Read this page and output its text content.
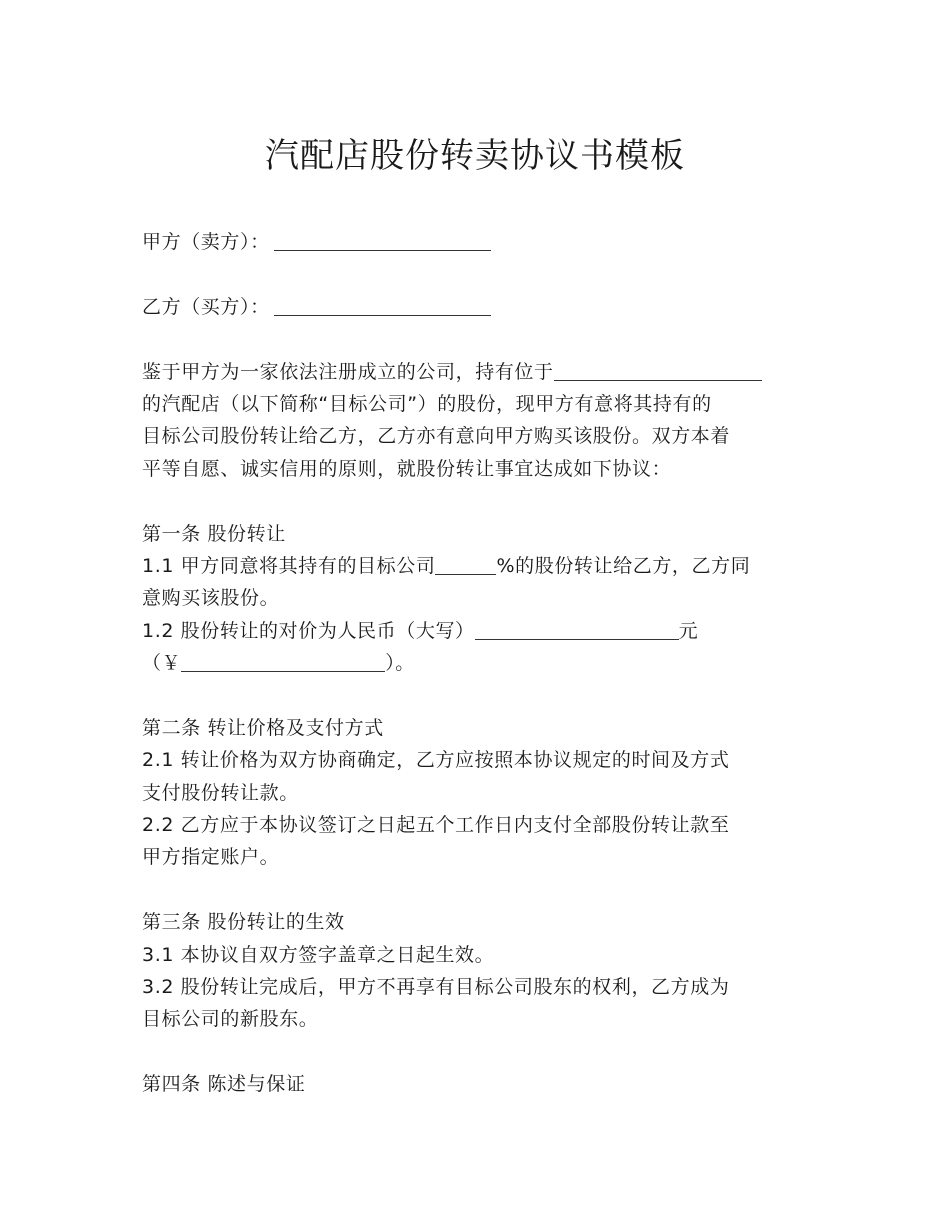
汽配店股份转卖协议书模板
甲方（卖方）：
乙方（买方）：
鉴于甲方为一家依法注册成立的公司，持有位于
的汽配店（以下简称“目标公司”）的股份，现甲方有意将其持有的
目标公司股份转让给乙方，乙方亦有意向甲方购买该股份。双方本着
平等自愿、诚实信用的原则，就股份转让事宜达成如下协议：
第一条 股份转让
1.1 甲方同意将其持有的目标公司	%的股份转让给乙方，乙方同
意购买该股份。
1.2 股份转让的对价为人民币（大写）	元
（￥	）。
第二条 转让价格及支付方式
2.1 转让价格为双方协商确定，乙方应按照本协议规定的时间及方式
支付股份转让款。
2.2 乙方应于本协议签订之日起五个工作日内支付全部股份转让款至
甲方指定账户。
第三条 股份转让的生效
3.1 本协议自双方签字盖章之日起生效。
3.2 股份转让完成后，甲方不再享有目标公司股东的权利，乙方成为
目标公司的新股东。
第四条 陈述与保证
